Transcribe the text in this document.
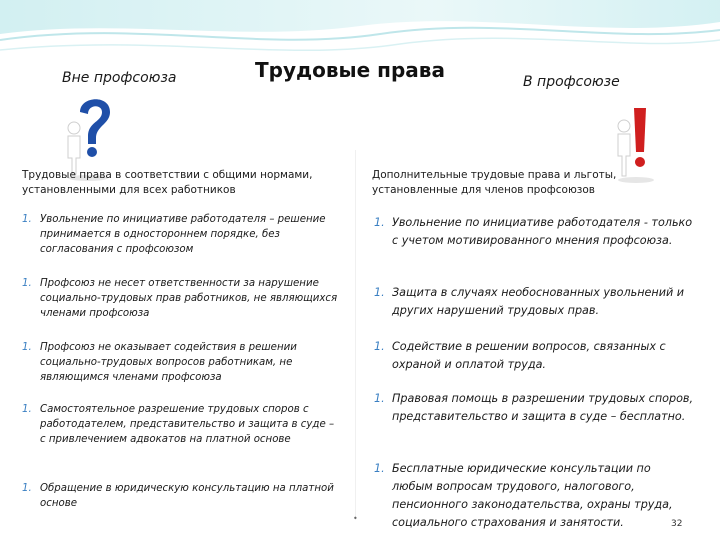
Вне профсоюза	Трудовые права	В профсоюзе
Трудовые права в соответствии с общими нормами, установленными для всех работников
1. Увольнение по инициативе работодателя – решение принимается в одностороннем порядке, без согласования с профсоюзом
1. Профсоюз не несет ответственности за нарушение социально-трудовых прав работников, не являющихся членами профсоюза
1. Профсоюз не оказывает содействия в решении социально-трудовых вопросов работникам, не являющимся членами профсоюза
1. Самостоятельное разрешение трудовых споров с работодателем, представительство и защита в суде – с привлечением адвокатов на платной основе
1. Обращение в юридическую консультацию на платной основе
Дополнительные трудовые права и льготы, установленные для членов профсоюзов
1. Увольнение по инициативе работодателя - только с учетом мотивированного мнения профсоюза.
1. Защита в случаях необоснованных увольнений и других нарушений трудовых прав.
1. Содействие в решении вопросов, связанных с охраной и оплатой труда.
1. Правовая помощь в разрешении трудовых споров, представительство и защита в суде – бесплатно.
1. Бесплатные юридические консультации по любым вопросам трудового, налогового, пенсионного законодательства, охраны труда, социального страхования и занятости.
•
32
